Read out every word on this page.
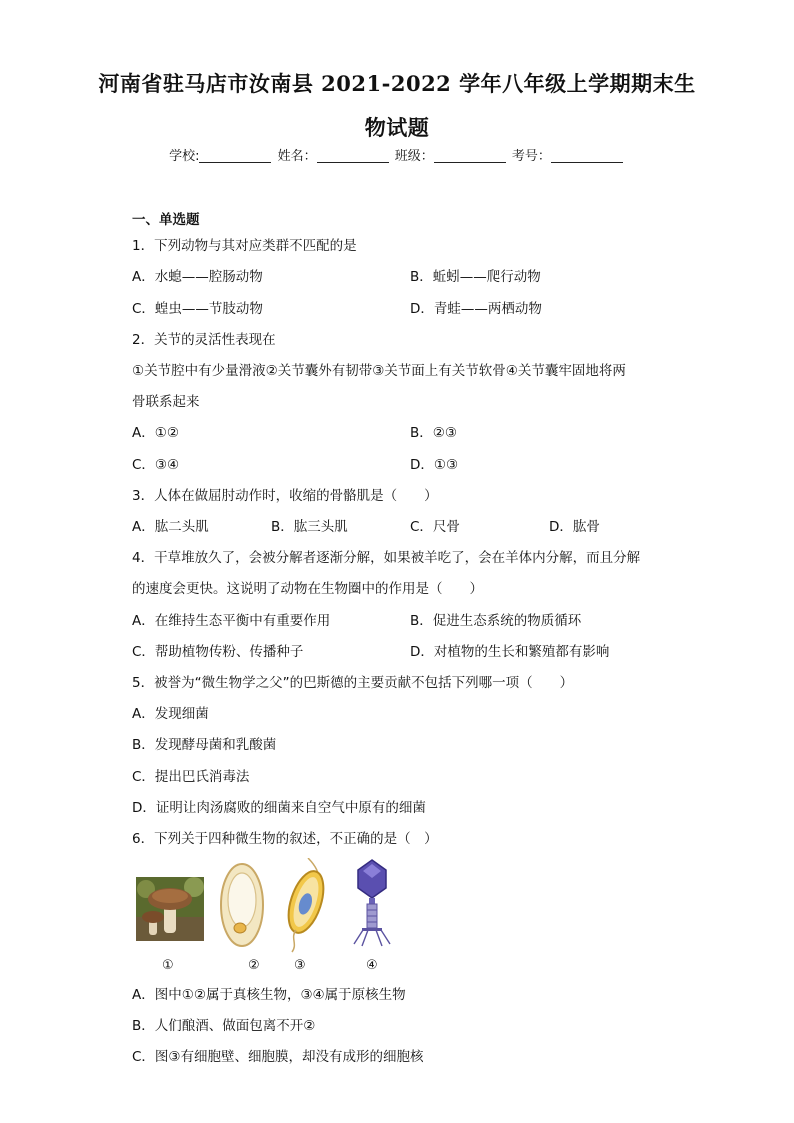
河南省驻马店市汝南县 2021-2022 学年八年级上学期期末生
物试题
学校:	姓名：	班级：	考号：
一、单选题
1．下列动物与其对应类群不匹配的是
A．水螅——腔肠动物	B．蚯蚓——爬行动物
C．蝗虫——节肢动物	D．青蛙——两栖动物
2．关节的灵活性表现在
①关节腔中有少量滑液②关节囊外有韧带③关节面上有关节软骨④关节囊牢固地将两
骨联系起来
A．①②	B．②③
C．③④	D．①③
3．人体在做屈肘动作时，收缩的骨骼肌是（　　）
A．肱二头肌	B．肱三头肌	C．尺骨	D．肱骨
4．干草堆放久了，会被分解者逐渐分解，如果被羊吃了，会在羊体内分解，而且分解
的速度会更快。这说明了动物在生物圈中的作用是（　　）
A．在维持生态平衡中有重要作用	B．促进生态系统的物质循环
C．帮助植物传粉、传播种子	D．对植物的生长和繁殖都有影响
5．被誉为“微生物学之父”的巴斯德的主要贡献不包括下列哪一项（　　）
A．发现细菌
B．发现酵母菌和乳酸菌
C．提出巴氏消毒法
D．证明让肉汤腐败的细菌来自空气中原有的细菌
6．下列关于四种微生物的叙述，不正确的是（　）
①	②	③	④
A．图中①②属于真核生物，③④属于原核生物
B．人们酿酒、做面包离不开②
C．图③有细胞壁、细胞膜，却没有成形的细胞核
